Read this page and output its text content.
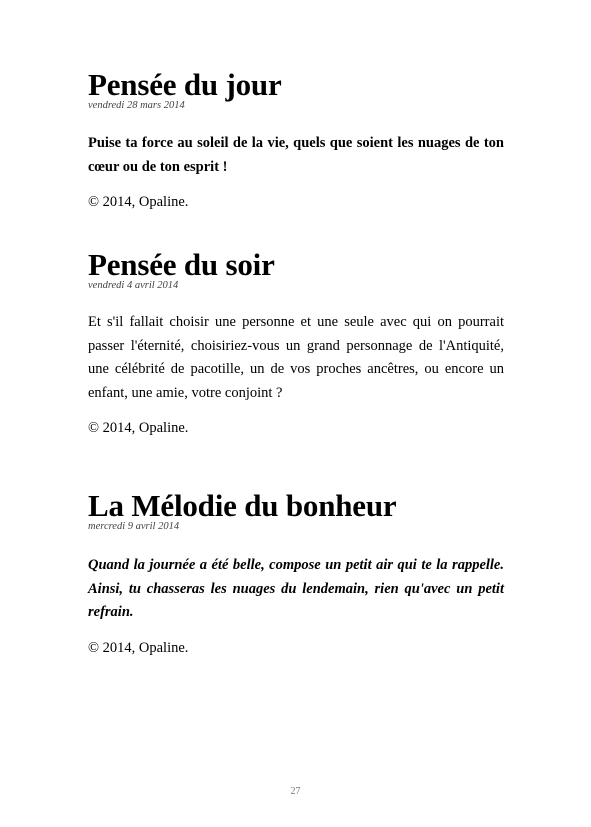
Pensée du jour

vendredi 28 mars 2014

Puise ta force au soleil de la vie, quels que soient les nuages de ton cœur ou de ton esprit !

© 2014, Opaline.

Pensée du soir

vendredi 4 avril 2014

Et s'il fallait choisir une personne et une seule avec qui on pourrait passer l'éternité, choisiriez-vous un grand personnage de l'Antiquité, une célébrité de pacotille, un de vos proches ancêtres, ou encore un enfant, une amie, votre conjoint ?

© 2014, Opaline.

La Mélodie du bonheur

mercredi 9 avril 2014

Quand la journée a été belle, compose un petit air qui te la rappelle. Ainsi, tu chasseras les nuages du lendemain, rien qu'avec un petit refrain.

© 2014, Opaline.

27
